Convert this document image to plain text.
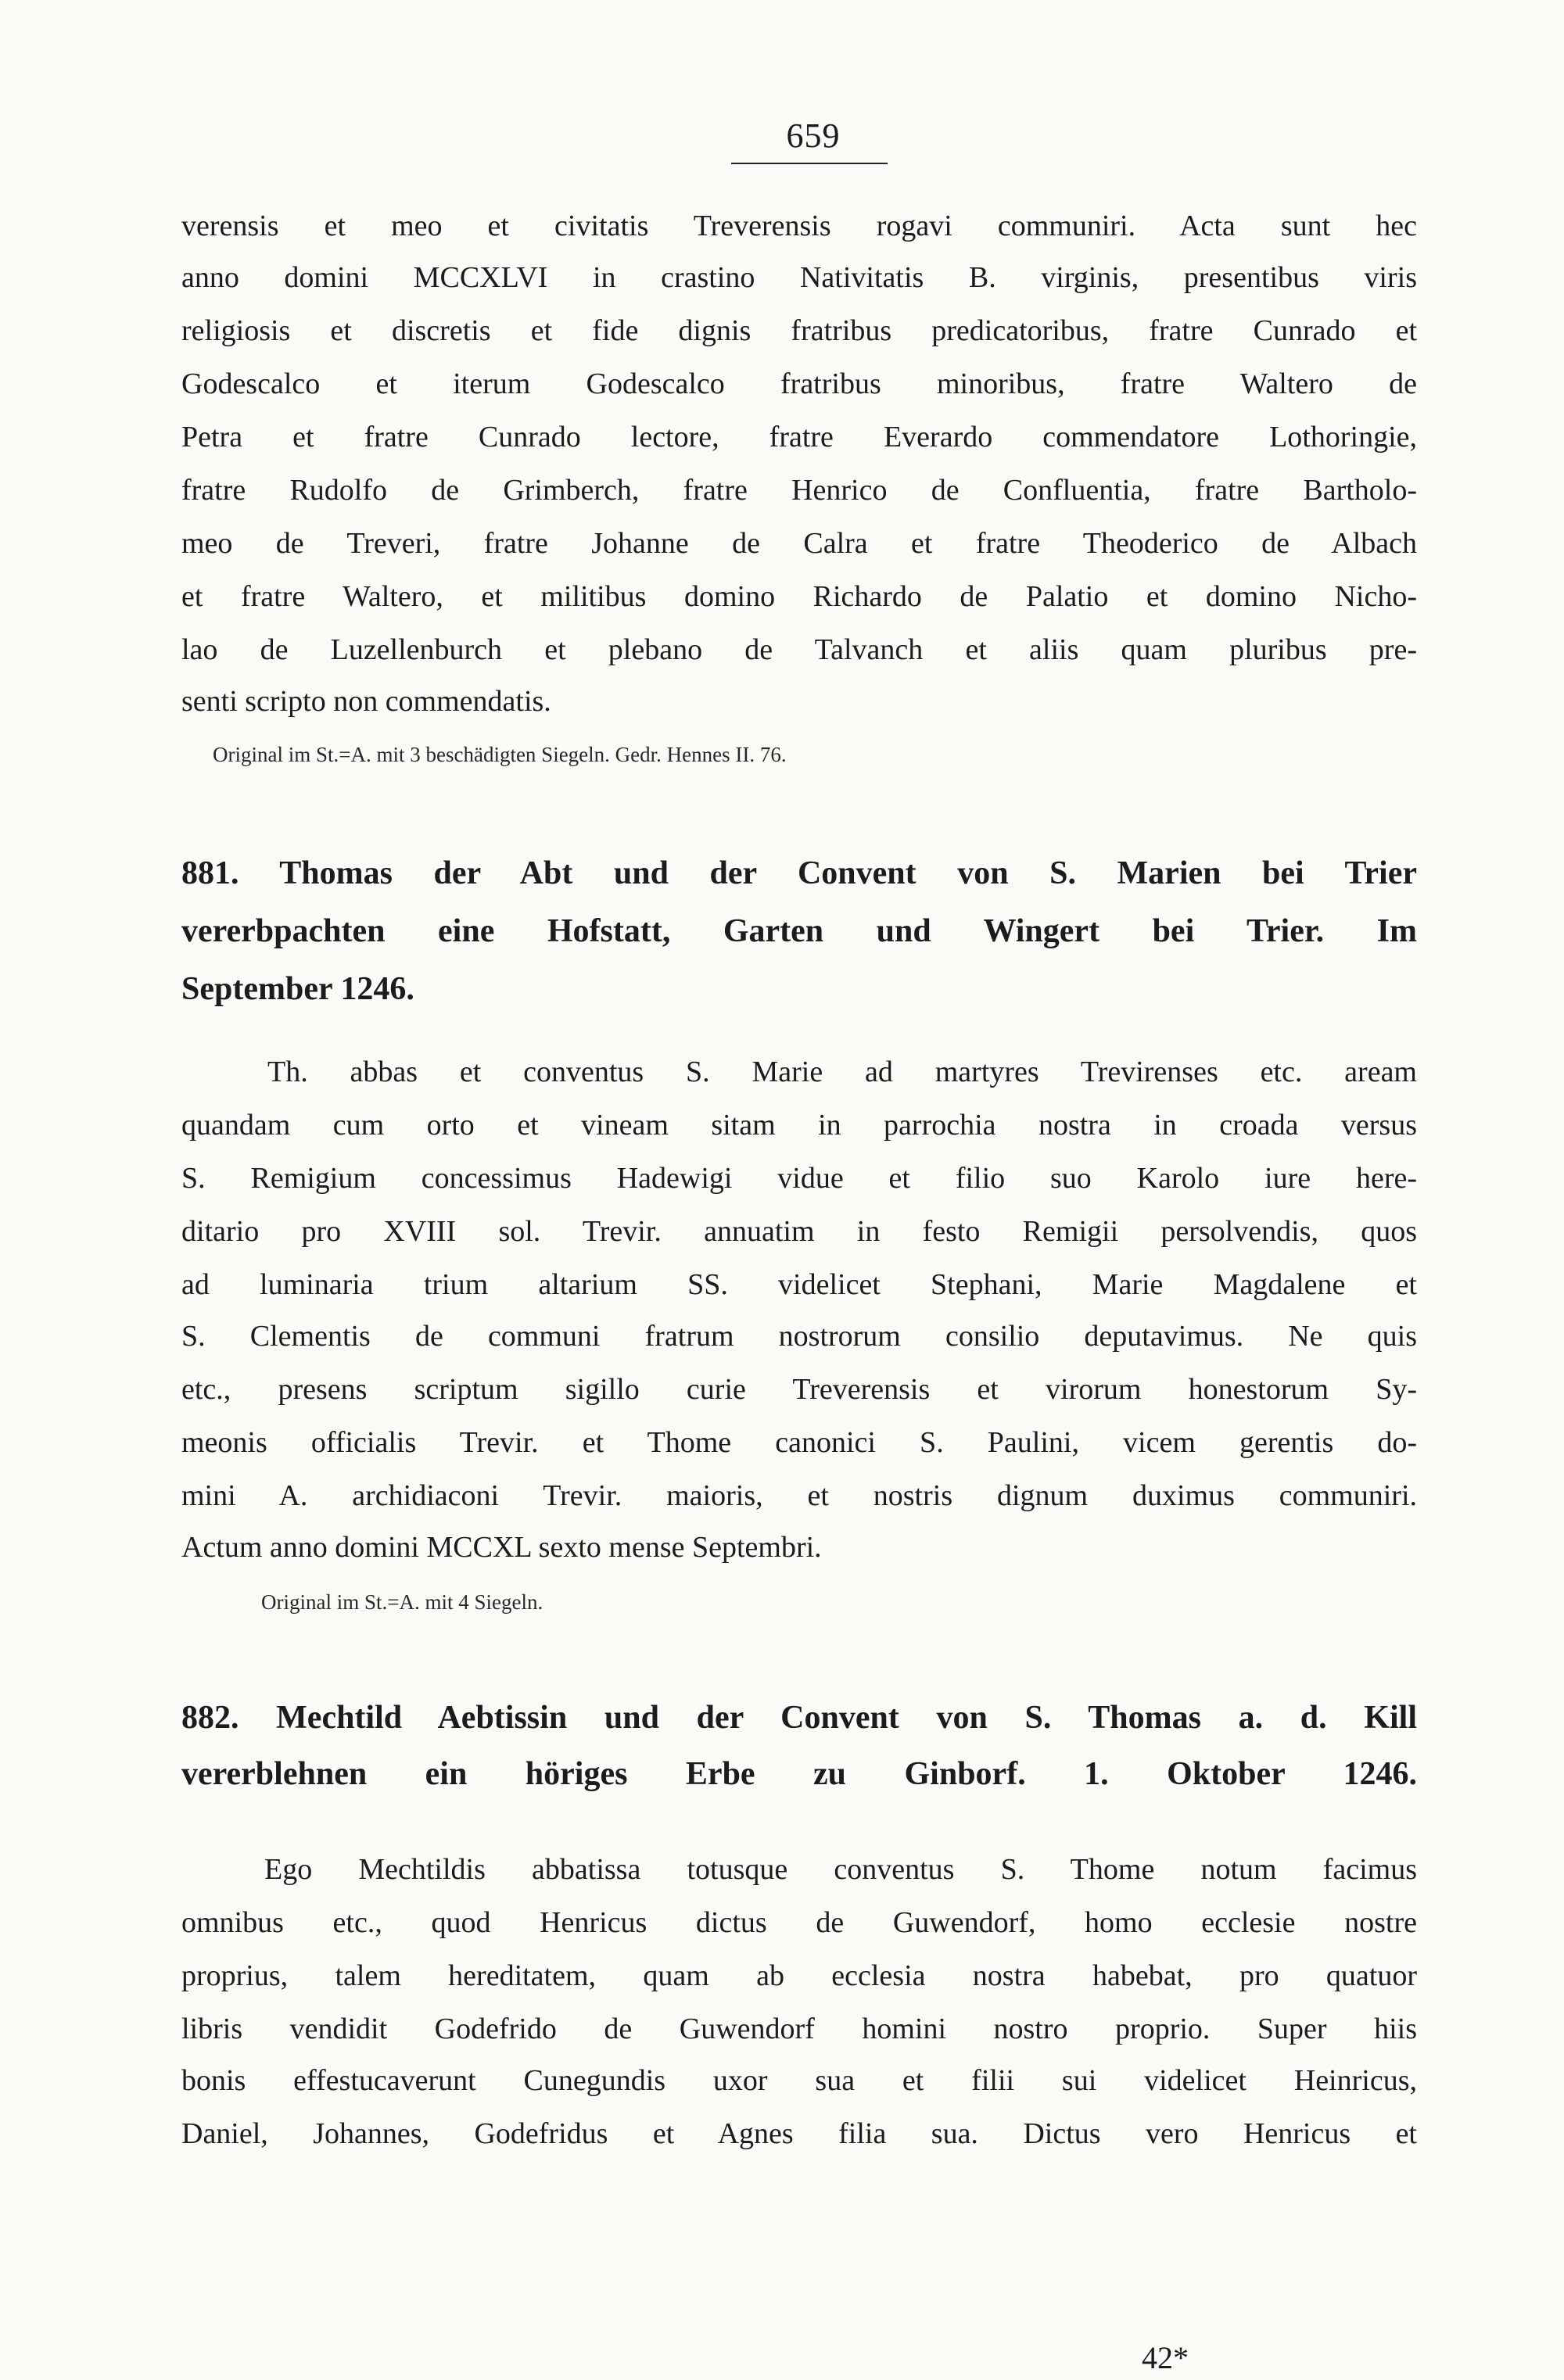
659
verensis et meo et civitatis Treverensis rogavi communiri. Acta sunt hec
anno domini MCCXLVI in crastino Nativitatis B. virginis, presentibus viris
religiosis et discretis et fide dignis fratribus predicatoribus, fratre Cunrado et
Godescalco et iterum Godescalco fratribus minoribus, fratre Waltero de
Petra et fratre Cunrado lectore, fratre Everardo commendatore Lothoringie,
fratre Rudolfo de Grimberch, fratre Henrico de Confluentia, fratre Bartholo-
meo de Treveri, fratre Johanne de Calra et fratre Theoderico de Albach
et fratre Waltero, et militibus domino Richardo de Palatio et domino Nicho-
lao de Luzellenburch et plebano de Talvanch et aliis quam pluribus pre-
senti scripto non commendatis.
Original im St.=A. mit 3 beschädigten Siegeln. Gedr. Hennes II. 76.
881. Thomas der Abt und der Convent von S. Marien bei Trier
vererbpachten eine Hofstatt, Garten und Wingert bei Trier. Im
September 1246.
Th. abbas et conventus S. Marie ad martyres Trevirenses etc. aream
quandam cum orto et vineam sitam in parrochia nostra in croada versus
S. Remigium concessimus Hadewigi vidue et filio suo Karolo iure here-
ditario pro XVIII sol. Trevir. annuatim in festo Remigii persolvendis, quos
ad luminaria trium altarium SS. videlicet Stephani, Marie Magdalene et
S. Clementis de communi fratrum nostrorum consilio deputavimus. Ne quis
etc., presens scriptum sigillo curie Treverensis et virorum honestorum Sy-
meonis officialis Trevir. et Thome canonici S. Paulini, vicem gerentis do-
mini A. archidiaconi Trevir. maioris, et nostris dignum duximus communiri.
Actum anno domini MCCXL sexto mense Septembri.
Original im St.=A. mit 4 Siegeln.
882. Mechtild Aebtissin und der Convent von S. Thomas a. d. Kill
vererblehnen ein höriges Erbe zu Ginborf. 1. Oktober 1246.
Ego Mechtildis abbatissa totusque conventus S. Thome notum facimus
omnibus etc., quod Henricus dictus de Guwendorf, homo ecclesie nostre
proprius, talem hereditatem, quam ab ecclesia nostra habebat, pro quatuor
libris vendidit Godefrido de Guwendorf homini nostro proprio. Super hiis
bonis effestucaverunt Cunegundis uxor sua et filii sui videlicet Heinricus,
Daniel, Johannes, Godefridus et Agnes filia sua. Dictus vero Henricus et
42*
